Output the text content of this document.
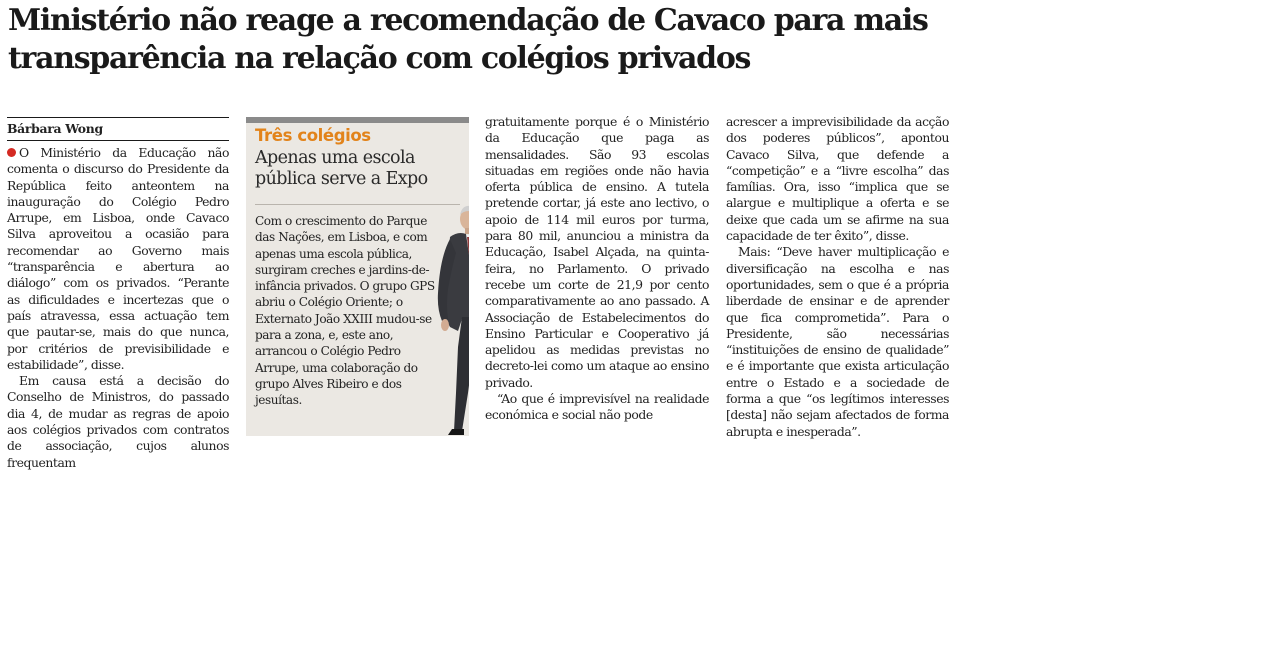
Ministério não reage a recomendação de Cavaco para mais transparência na relação com colégios privados
Bárbara Wong

O Ministério da Educação não comenta o discurso do Presidente da República feito anteontem na inauguração do Colégio Pedro Arrupe, em Lisboa, onde Cavaco Silva aproveitou a ocasião para recomendar ao Governo mais “transparência e abertura ao diálogo” com os privados. “Perante as dificuldades e incertezas que o país atravessa, essa actuação tem que pautar-se, mais do que nunca, por critérios de previsibilidade e estabilidade”, disse.

Em causa está a decisão do Conselho de Ministros, do passado dia 4, de mudar as regras de apoio aos colégios privados com contratos de associação, cujos alunos frequentam

Três colégios
Apenas uma escola pública serve a Expo

Com o crescimento do Parque das Nações, em Lisboa, e com apenas uma escola pública, surgiram creches e jardins-de-infância privados. O grupo GPS abriu o Colégio Oriente; o Externato João XXIII mudou-se para a zona, e, este ano, arrancou o Colégio Pedro Arrupe, uma colaboração do grupo Alves Ribeiro e dos jesuítas.

gratuitamente porque é o Ministério da Educação que paga as mensalidades. São 93 escolas situadas em regiões onde não havia oferta pública de ensino. A tutela pretende cortar, já este ano lectivo, o apoio de 114 mil euros por turma, para 80 mil, anunciou a ministra da Educação, Isabel Alçada, na quinta-feira, no Parlamento. O privado recebe um corte de 21,9 por cento comparativamente ao ano passado. A Associação de Estabelecimentos do Ensino Particular e Cooperativo já apelidou as medidas previstas no decreto-lei como um ataque ao ensino privado.

“Ao que é imprevisível na realidade económica e social não pode

acrescer a imprevisibilidade da acção dos poderes públicos”, apontou Cavaco Silva, que defende a “competição” e a “livre escolha” das famílias. Ora, isso “implica que se alargue e multiplique a oferta e se deixe que cada um se afirme na sua capacidade de ter êxito”, disse.

Mais: “Deve haver multiplicação e diversificação na escolha e nas oportunidades, sem o que é a própria liberdade de ensinar e de aprender que fica comprometida”. Para o Presidente, são necessárias “instituições de ensino de qualidade” e é importante que exista articulação entre o Estado e a sociedade de forma a que “os legítimos interesses [desta] não sejam afectados de forma abrupta e inesperada”.
